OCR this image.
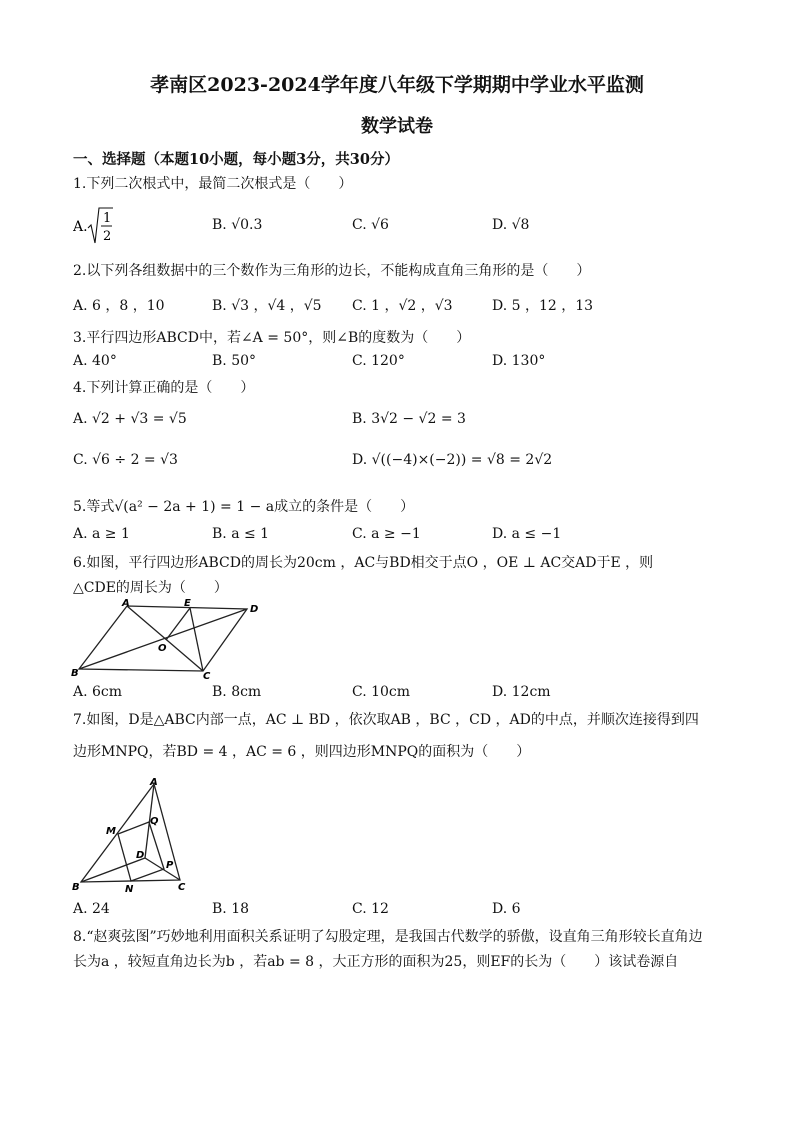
孝南区2023-2024学年度八年级下学期期中学业水平监测
数学试卷
一、选择题（本题10小题，每小题3分，共30分）
1.下列二次根式中，最简二次根式是（　　）
A.
1
2
B. √0.3	C. √6	D. √8
2.以下列各组数据中的三个数作为三角形的边长，不能构成直角三角形的是（　　）
A. 6 ，8 ，10	B. √3 ，√4 ，√5 C. 1 ，√2 ，√3	D. 5 ，12 ，13
3.平行四边形ABCD中，若∠A = 50°，则∠B的度数为（　　）
A. 40°	B. 50°	C. 120°	D. 130°
4.下列计算正确的是（　　）
A. √2 + √3 = √5	B. 3√2 − √2 = 3
C. √6 ÷ 2 = √3	D. √((−4)×(−2)) = √8 = 2√2
5.等式√(a² − 2a + 1) = 1 − a成立的条件是（　　）
A. a ≥ 1	B. a ≤ 1	C. a ≥ −1	D. a ≤ −1
6.如图，平行四边形ABCD的周长为20cm ，AC与BD相交于点O ，OE ⊥ AC交AD于E ，则
△CDE的周长为（　　）
A	E
D
O
B	C
A. 6cm	B. 8cm	C. 10cm	D. 12cm
7.如图，D是△ABC内部一点，AC ⊥ BD ，依次取AB ，BC ，CD ，AD的中点，并顺次连接得到四
边形MNPQ，若BD = 4 ，AC = 6 ，则四边形MNPQ的面积为（　　）
A
M
Q
D
P
B	N	C
A. 24	B. 18	C. 12	D. 6
8.“赵爽弦图”巧妙地利用面积关系证明了勾股定理，是我国古代数学的骄傲，设直角三角形较长直角边
长为a ，较短直角边长为b ，若ab = 8 ，大正方形的面积为25，则EF的长为（　　）该试卷源自
